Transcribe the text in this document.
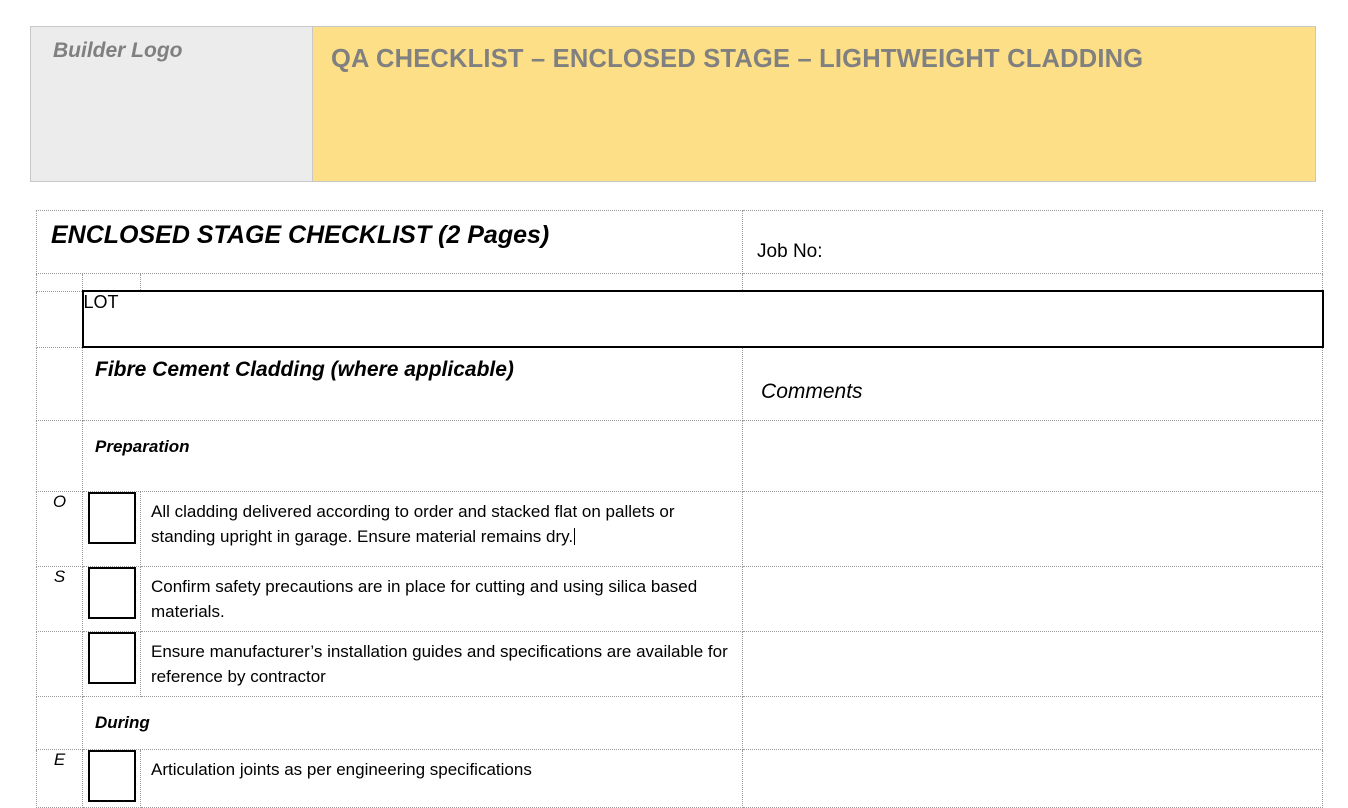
Builder Logo	QA CHECKLIST – ENCLOSED STAGE – LIGHTWEIGHT CLADDING
ENCLOSED STAGE CHECKLIST (2 Pages)			Job No:

	LOT		

	Fibre Cement Cladding (where applicable)		Comments

	Preparation		

O		All cladding delivered according to order and stacked flat on pallets or standing upright in garage. Ensure material remains dry.	

S		Confirm safety precautions are in place for cutting and using silica based materials.	

		Ensure manufacturer’s installation guides and specifications are available for reference by contractor	

	During		

E		Articulation joints as per engineering specifications	
